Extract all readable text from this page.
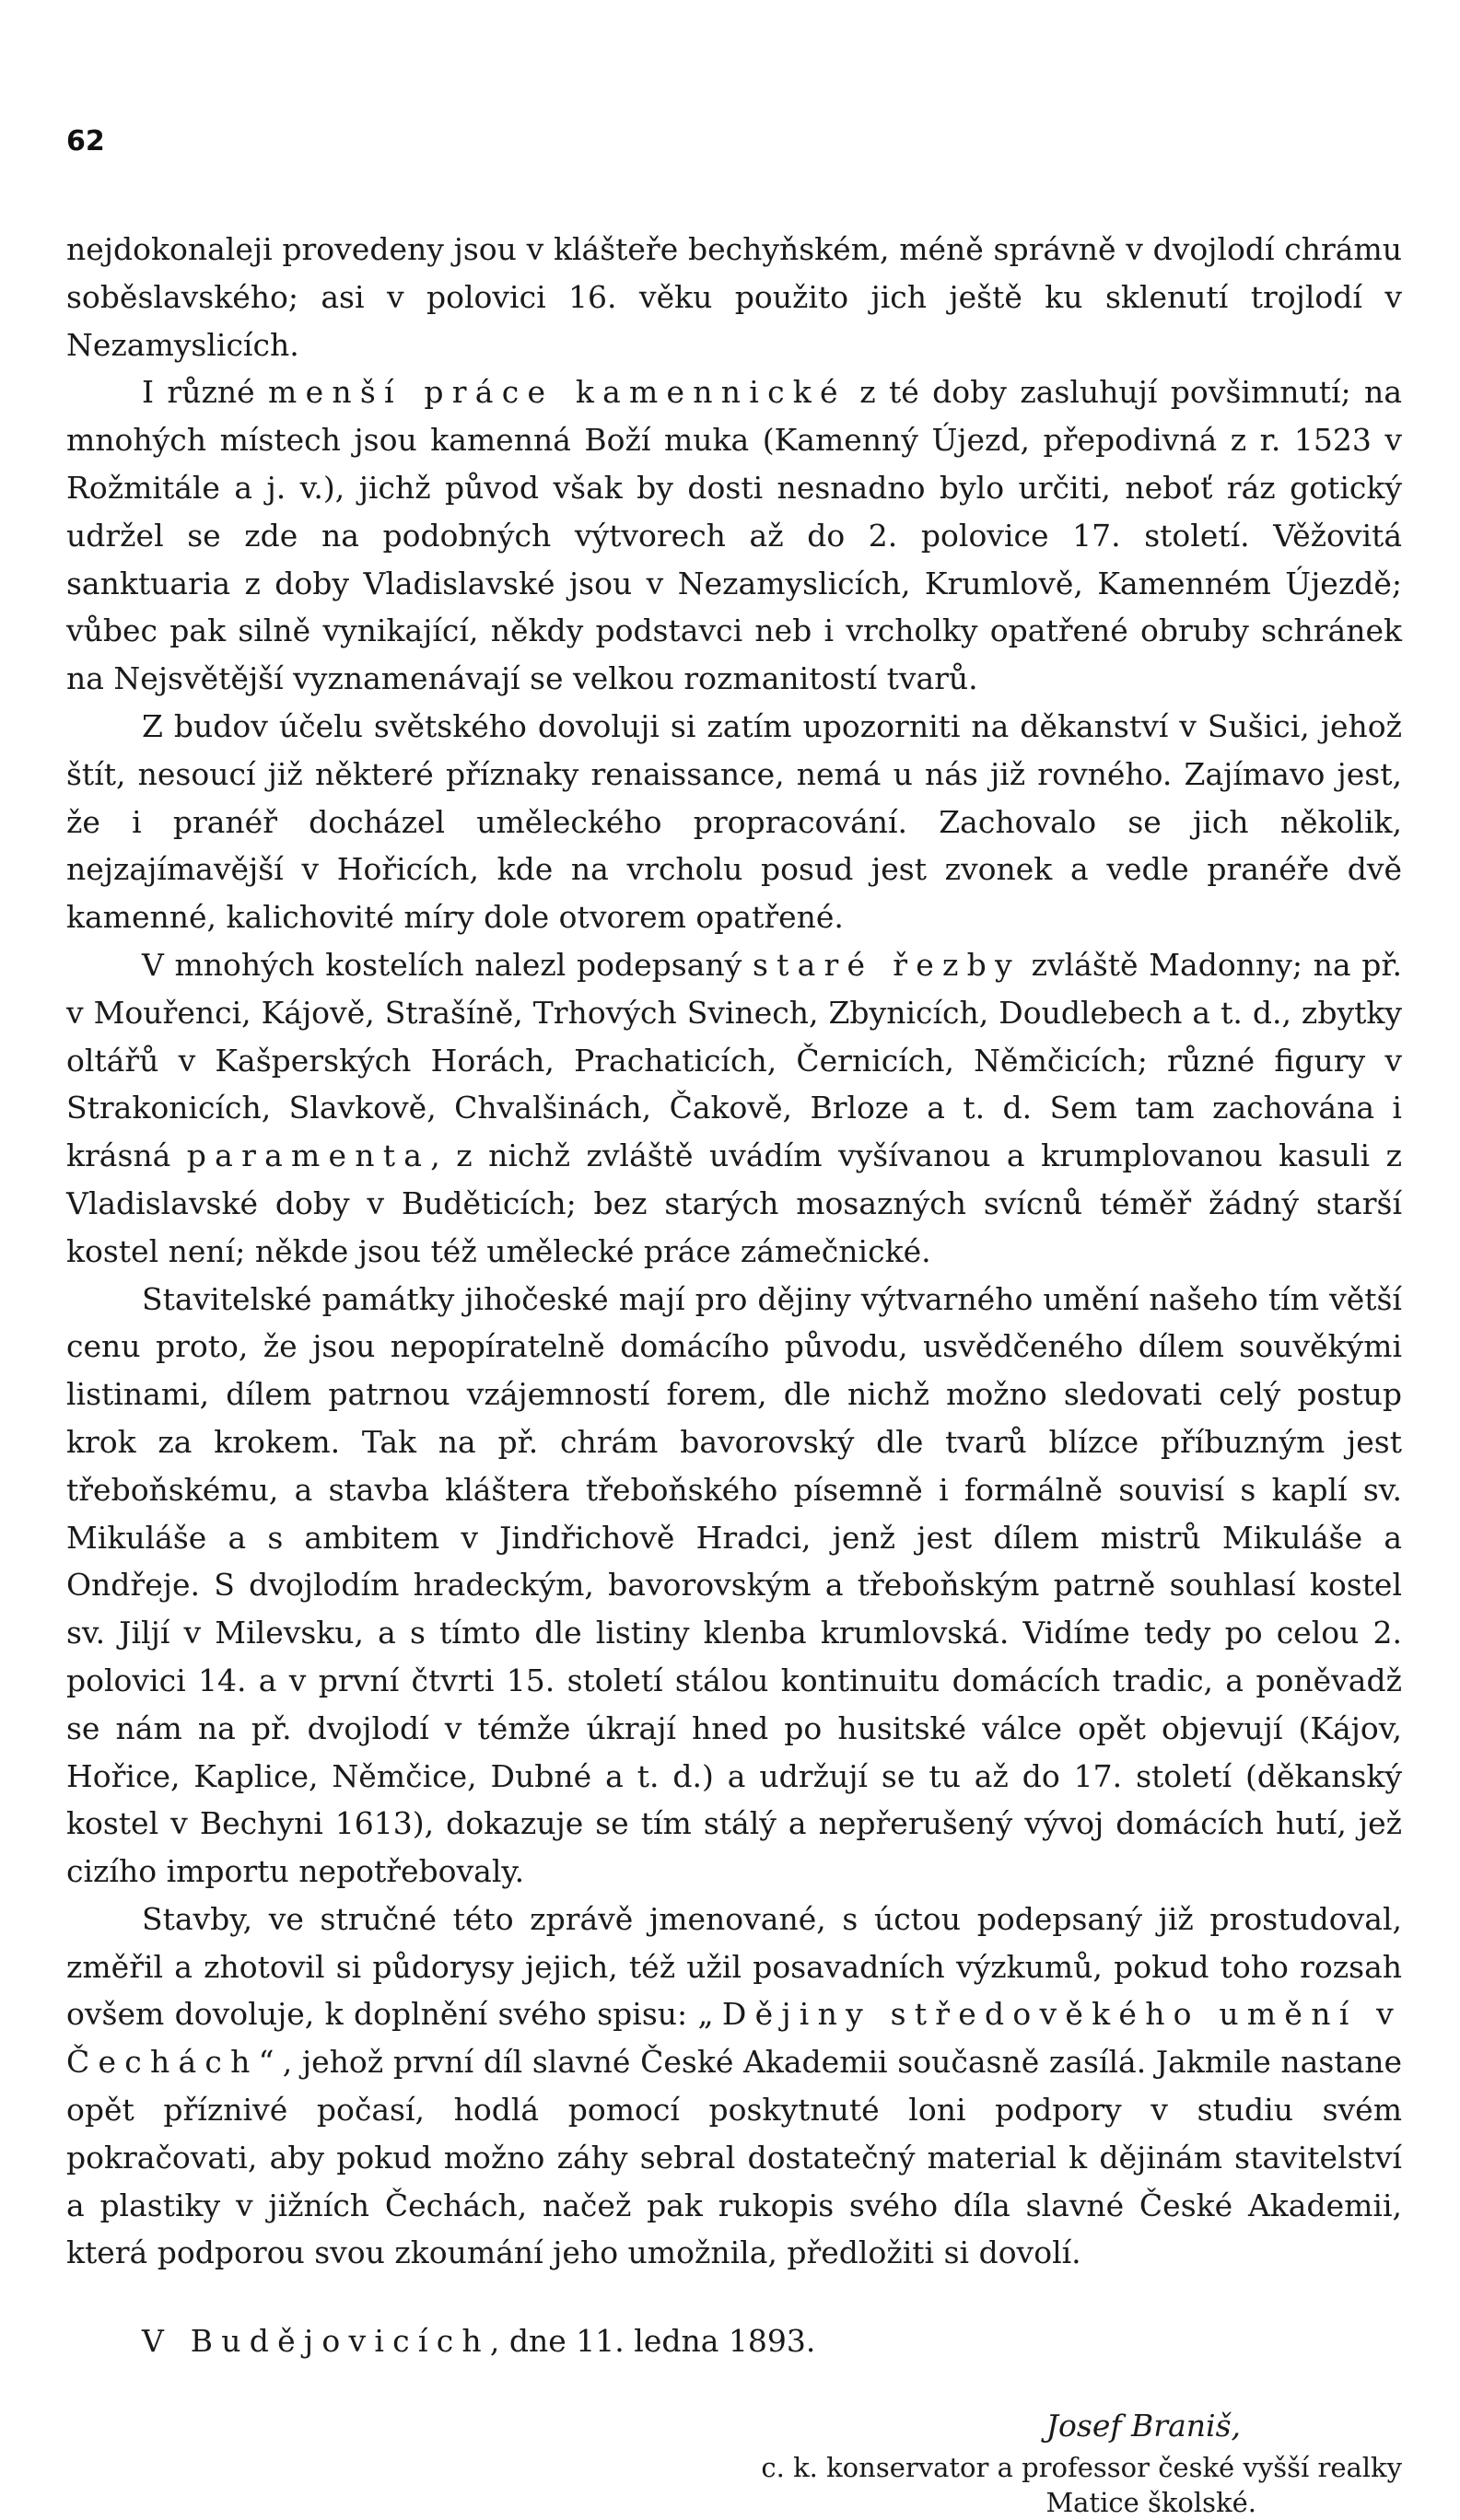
62

nejdokonaleji provedeny jsou v klášteře bechyňském, méně správně v dvojlodí chrámu soběslavského; asi v polovici 16. věku použito jich ještě ku sklenutí trojlodí v Nezamyslicích.

I různé menší práce kamennické z té doby zasluhují povšimnutí; na mnohých místech jsou kamenná Boží muka (Kamenný Újezd, přepodivná z r. 1523 v Rožmitále a j. v.), jichž původ však by dosti nesnadno bylo určiti, neboť ráz gotický udržel se zde na podobných výtvorech až do 2. polovice 17. století. Věžovitá sanktuaria z doby Vladislavské jsou v Nezamyslicích, Krumlově, Kamenném Újezdě; vůbec pak silně vynikající, někdy podstavci neb i vrcholky opatřené obruby schránek na Nejsvětější vyznamenávají se velkou rozmanitostí tvarů.

Z budov účelu světského dovoluji si zatím upozorniti na děkanství v Sušici, jehož štít, nesoucí již některé příznaky renaissance, nemá u nás již rovného. Zajímavo jest, že i pranéř docházel uměleckého propracování. Zachovalo se jich několik, nejzajímavější v Hořicích, kde na vrcholu posud jest zvonek a vedle pranéře dvě kamenné, kalichovité míry dole otvorem opatřené.

V mnohých kostelích nalezl podepsaný staré řezby zvláště Madonny; na př. v Mouřenci, Kájově, Strašíně, Trhových Svinech, Zbynicích, Doudlebech a t. d., zbytky oltářů v Kašperských Horách, Prachaticích, Černicích, Němčicích; různé figury v Strakonicích, Slavkově, Chvalšinách, Čakově, Brloze a t. d. Sem tam zachována i krásná paramenta, z nichž zvláště uvádím vyšívanou a krumplovanou kasuli z Vladislavské doby v Buděticích; bez starých mosazných svícnů téměř žádný starší kostel není; někde jsou též umělecké práce zámečnické.

Stavitelské památky jihočeské mají pro dějiny výtvarného umění našeho tím větší cenu proto, že jsou nepopíratelně domácího původu, usvědčeného dílem souvěkými listinami, dílem patrnou vzájemností forem, dle nichž možno sledovati celý postup krok za krokem. Tak na př. chrám bavorovský dle tvarů blízce příbuzným jest třeboňskému, a stavba kláštera třeboňského písemně i formálně souvisí s kaplí sv. Mikuláše a s ambitem v Jindřichově Hradci, jenž jest dílem mistrů Mikuláše a Ondřeje. S dvojlodím hradeckým, bavorovským a třeboňským patrně souhlasí kostel sv. Jiljí v Milevsku, a s tímto dle listiny klenba krumlovská. Vidíme tedy po celou 2. polovici 14. a v první čtvrti 15. století stálou kontinuitu domácích tradic, a poněvadž se nám na př. dvojlodí v témže úkrají hned po husitské válce opět objevují (Kájov, Hořice, Kaplice, Němčice, Dubné a t. d.) a udržují se tu až do 17. století (děkanský kostel v Bechyni 1613), dokazuje se tím stálý a nepřerušený vývoj domácích hutí, jež cizího importu nepotřebovaly.

Stavby, ve stručné této zprávě jmenované, s úctou podepsaný již prostudoval, změřil a zhotovil si půdorysy jejich, též užil posavadních výzkumů, pokud toho rozsah ovšem dovoluje, k doplnění svého spisu: „Dějiny středověkého umění v Čechách“, jehož první díl slavné České Akademii současně zasílá. Jakmile nastane opět příznivé počasí, hodlá pomocí poskytnuté loni podpory v studiu svém pokračovati, aby pokud možno záhy sebral dostatečný material k dějinám stavitelství a plastiky v jižních Čechách, načež pak rukopis svého díla slavné České Akademii, která podporou svou zkoumání jeho umožnila, předložiti si dovolí.

V Budějovicích, dne 11. ledna 1893.

Josef Braniš,
c. k. konservator a professor české vyšší realky
Matice školské.
